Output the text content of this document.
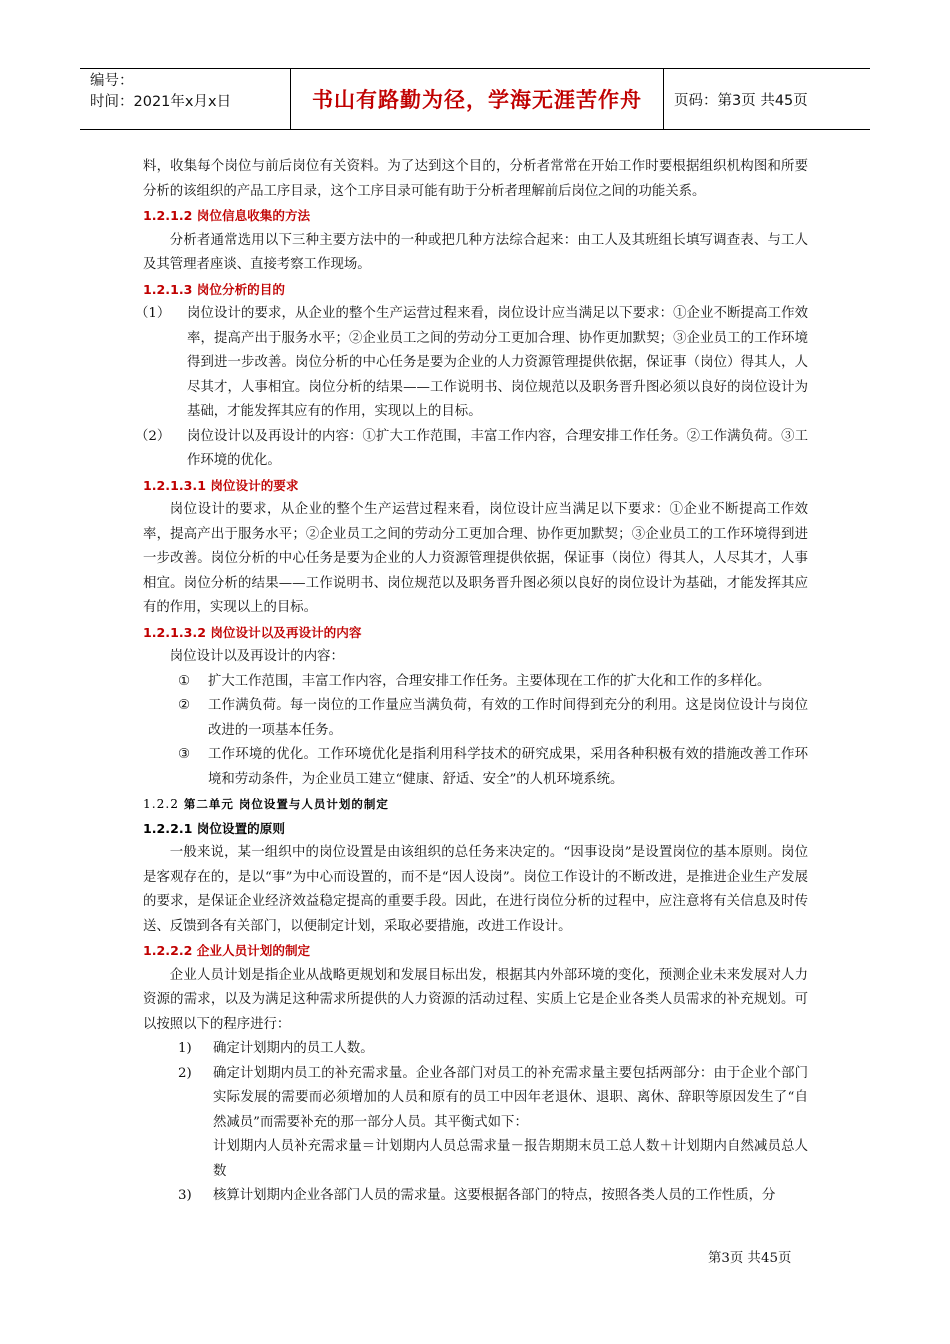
编号：
时间：2021年x月x日	书山有路勤为径，学海无涯苦作舟	页码：第3页 共45页

料，收集每个岗位与前后岗位有关资料。为了达到这个目的，分析者常常在开始工作时要根据组织机构图和所要分析的该组织的产品工序目录，这个工序目录可能有助于分析者理解前后岗位之间的功能关系。

1.2.1.2 岗位信息收集的方法

分析者通常选用以下三种主要方法中的一种或把几种方法综合起来：由工人及其班组长填写调查表、与工人及其管理者座谈、直接考察工作现场。

1.2.1.3 岗位分析的目的

（1）	岗位设计的要求，从企业的整个生产运营过程来看，岗位设计应当满足以下要求：①企业不断提高工作效率，提高产出于服务水平；②企业员工之间的劳动分工更加合理、协作更加默契；③企业员工的工作环境得到进一步改善。岗位分析的中心任务是要为企业的人力资源管理提供依据，保证事（岗位）得其人，人尽其才，人事相宜。岗位分析的结果——工作说明书、岗位规范以及职务晋升图必须以良好的岗位设计为基础，才能发挥其应有的作用，实现以上的目标。
（2）	岗位设计以及再设计的内容：①扩大工作范围，丰富工作内容，合理安排工作任务。②工作满负荷。③工作环境的优化。

1.2.1.3.1 岗位设计的要求

岗位设计的要求，从企业的整个生产运营过程来看，岗位设计应当满足以下要求：①企业不断提高工作效率，提高产出于服务水平；②企业员工之间的劳动分工更加合理、协作更加默契；③企业员工的工作环境得到进一步改善。岗位分析的中心任务是要为企业的人力资源管理提供依据，保证事（岗位）得其人，人尽其才，人事相宜。岗位分析的结果——工作说明书、岗位规范以及职务晋升图必须以良好的岗位设计为基础，才能发挥其应有的作用，实现以上的目标。

1.2.1.3.2 岗位设计以及再设计的内容

岗位设计以及再设计的内容：

①	扩大工作范围，丰富工作内容，合理安排工作任务。主要体现在工作的扩大化和工作的多样化。
②	工作满负荷。每一岗位的工作量应当满负荷，有效的工作时间得到充分的利用。这是岗位设计与岗位改进的一项基本任务。
③	工作环境的优化。工作环境优化是指利用科学技术的研究成果，采用各种积极有效的措施改善工作环境和劳动条件，为企业员工建立“健康、舒适、安全”的人机环境系统。

1.2.2 第二单元 岗位设置与人员计划的制定

1.2.2.1 岗位设置的原则

一般来说，某一组织中的岗位设置是由该组织的总任务来决定的。“因事设岗”是设置岗位的基本原则。岗位是客观存在的，是以“事”为中心而设置的，而不是“因人设岗”。岗位工作设计的不断改进，是推进企业生产发展的要求，是保证企业经济效益稳定提高的重要手段。因此，在进行岗位分析的过程中，应注意将有关信息及时传送、反馈到各有关部门，以便制定计划，采取必要措施，改进工作设计。

1.2.2.2 企业人员计划的制定

企业人员计划是指企业从战略更规划和发展目标出发，根据其内外部环境的变化，预测企业未来发展对人力资源的需求，以及为满足这种需求所提供的人力资源的活动过程、实质上它是企业各类人员需求的补充规划。可以按照以下的程序进行：

1)	确定计划期内的员工人数。
2)	确定计划期内员工的补充需求量。企业各部门对员工的补充需求量主要包括两部分：由于企业个部门实际发展的需要而必须增加的人员和原有的员工中因年老退休、退职、离休、辞职等原因发生了“自然减员”而需要补充的那一部分人员。其平衡式如下：

计划期内人员补充需求量＝计划期内人员总需求量－报告期期末员工总人数＋计划期内自然减员总人数

3)	核算计划期内企业各部门人员的需求量。这要根据各部门的特点，按照各类人员的工作性质，分
第3页 共45页
